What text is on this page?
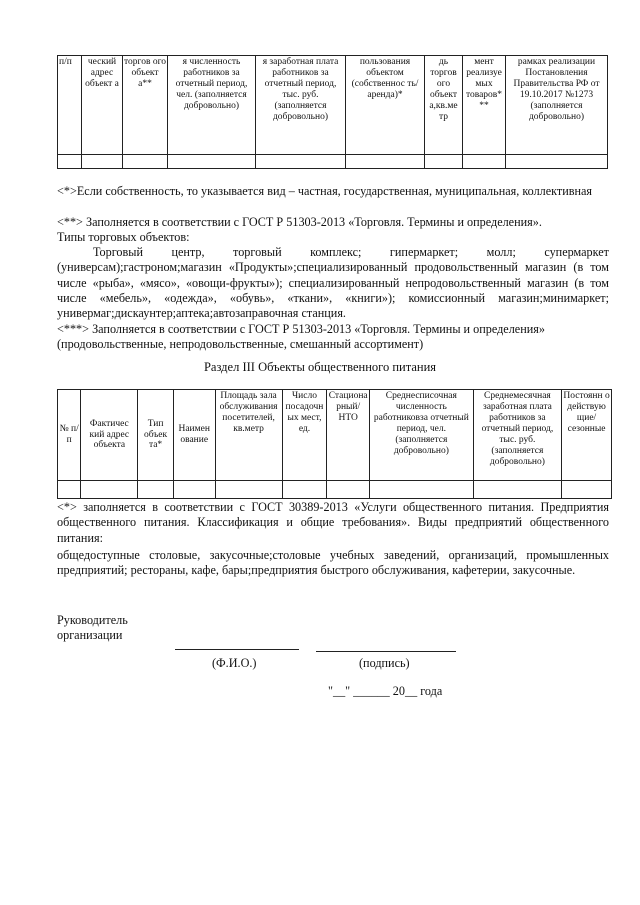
п/п	ческий адрес объект а	торгов ого объект а**	я численность работников за отчетный период, чел. (заполняется добровольно)	я заработная плата работников за отчетный период, тыс. руб. (заполняется добровольно)	пользования объектом (собственнос ть/аренда)*	дь торгов ого объект а,кв.ме тр	мент реализуе мых товаров* **	рамках реализации Постановления Правительства РФ от 19.10.2017 №1273 (заполняется добровольно)

<*>Если собственность, то указывается вид – частная, государственная, муниципальная, коллективная
<**> Заполняется в соответствии с ГОСТ Р 51303-2013 «Торговля. Термины и определения».
Типы торговых объектов:
Торговый центр, торговый комплекс; гипермаркет; молл; супермаркет (универсам);гастроном;магазин «Продукты»;специализированный продовольственный магазин (в том числе «рыба», «мясо», «овощи-фрукты»); специализированный непродовольственный магазин (в том числе «мебель», «одежда», «обувь», «ткани», «книги»); комиссионный магазин;минимаркет; универмаг;дискаунтер;аптека;автозаправочная станция.
<***> Заполняется в соответствии с ГОСТ Р 51303-2013 «Торговля. Термины и определения» (продовольственные, непродовольственные, смешанный ассортимент)
Раздел III Объекты общественного питания
№ п/п	Фактичес кий адрес объекта	Тип объек та*	Наимен ование	Площадь зала обслуживания посетителей, кв.метр	Число посадочн ых мест, ед.	Стациона рный/ НТО	Среднесписочная численность работниковза отчетный период, чел. (заполняется добровольно)	Среднемесячная заработная плата работников за отчетный период, тыс. руб. (заполняется добровольно)	Постоянн о действую щие/ сезонные

<*> заполняется в соответствии с ГОСТ 30389-2013 «Услуги общественного питания. Предприятия общественного питания. Классификация и общие требования». Виды предприятий общественного питания:
общедоступные столовые, закусочные;столовые учебных заведений, организаций, промышленных предприятий; рестораны, кафе, бары;предприятия быстрого обслуживания, кафетерии, закусочные.
Руководитель
организации
(Ф.И.О.)	(подпись)
"__" ______ 20__ года
